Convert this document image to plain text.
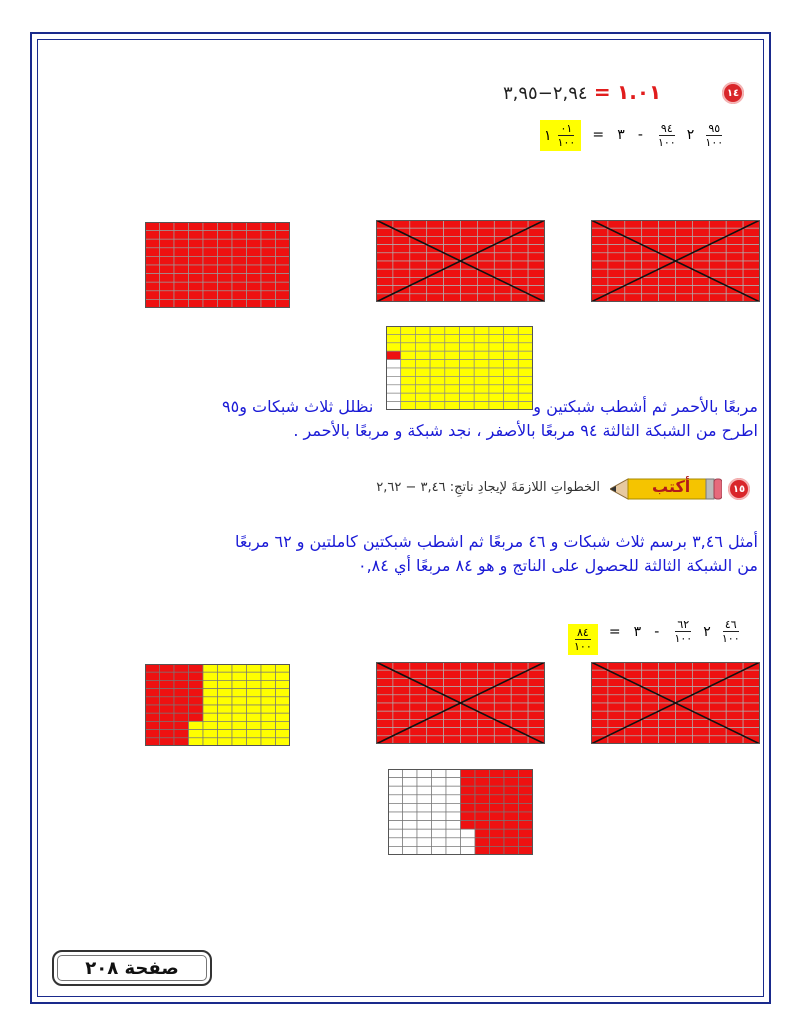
١٤
١.٠١ = ٢,٩٤−٣,٩٥
١ $\frac{٠١}{١٠٠}$ =	٢
$\frac{٩٤}{١٠٠}$
- ٣	$\frac{٩٥}{١٠٠}$
مربعًا بالأحمر ثم أشطب شبكتين و
نظلل ثلاث شبكات و٩٥
اطرح من الشبكة الثالثة ٩٤ مربعًا بالأصفر ، نجد شبكة و مربعًا بالأحمر .
١٥
أكتب
الخطواتِ اللازمَةَ لإيجادِ ناتجِ: ٣,٤٦ − ٢,٦٢
أمثل ٣,٤٦ برسم ثلاث شبكات و ٤٦ مربعًا ثم اشطب شبكتين كاملتين و ٦٢ مربعًا
من الشبكة الثالثة للحصول على الناتج و هو ٨٤ مربعًا أي ٠,٨٤
$\frac{٨٤}{١٠٠}$ =	٢
$\frac{٦٢}{١٠٠}$
- ٣	$\frac{٤٦}{١٠٠}$
صفحة ٢٠٨
